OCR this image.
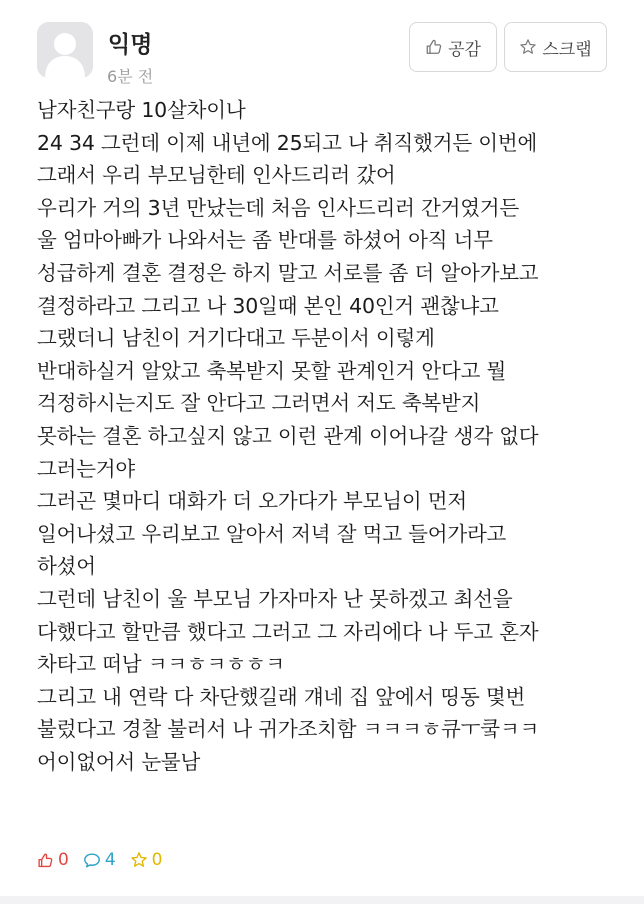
익명
6분 전
공감	스크랩
남자친구랑 10살차이나
24 34 그런데 이제 내년에 25되고 나 취직했거든 이번에
그래서 우리 부모님한테 인사드리러 갔어
우리가 거의 3년 만났는데 처음 인사드리러 간거였거든
울 엄마아빠가 나와서는 좀 반대를 하셨어 아직 너무
성급하게 결혼 결정은 하지 말고 서로를 좀 더 알아가보고
결정하라고 그리고 나 30일때 본인 40인거 괜찮냐고
그랬더니 남친이 거기다대고 두분이서 이렇게
반대하실거 알았고 축복받지 못할 관계인거 안다고 뭘
걱정하시는지도 잘 안다고 그러면서 저도 축복받지
못하는 결혼 하고싶지 않고 이런 관계 이어나갈 생각 없다
그러는거야
그러곤 몇마디 대화가 더 오가다가 부모님이 먼저
일어나셨고 우리보고 알아서 저녁 잘 먹고 들어가라고
하셨어
그런데 남친이 울 부모님 가자마자 난 못하겠고 최선을
다했다고 할만큼 했다고 그러고 그 자리에다 나 두고 혼자
차타고 떠남 ㅋㅋㅎㅋㅎㅎㅋ
그리고 내 연락 다 차단했길래 걔네 집 앞에서 띵동 몇번
불렀다고 경찰 불러서 나 귀가조치함 ㅋㅋㅋㅎ큐ㅜ쿸ㅋㅋ
어이없어서 눈물남
0 4 0
